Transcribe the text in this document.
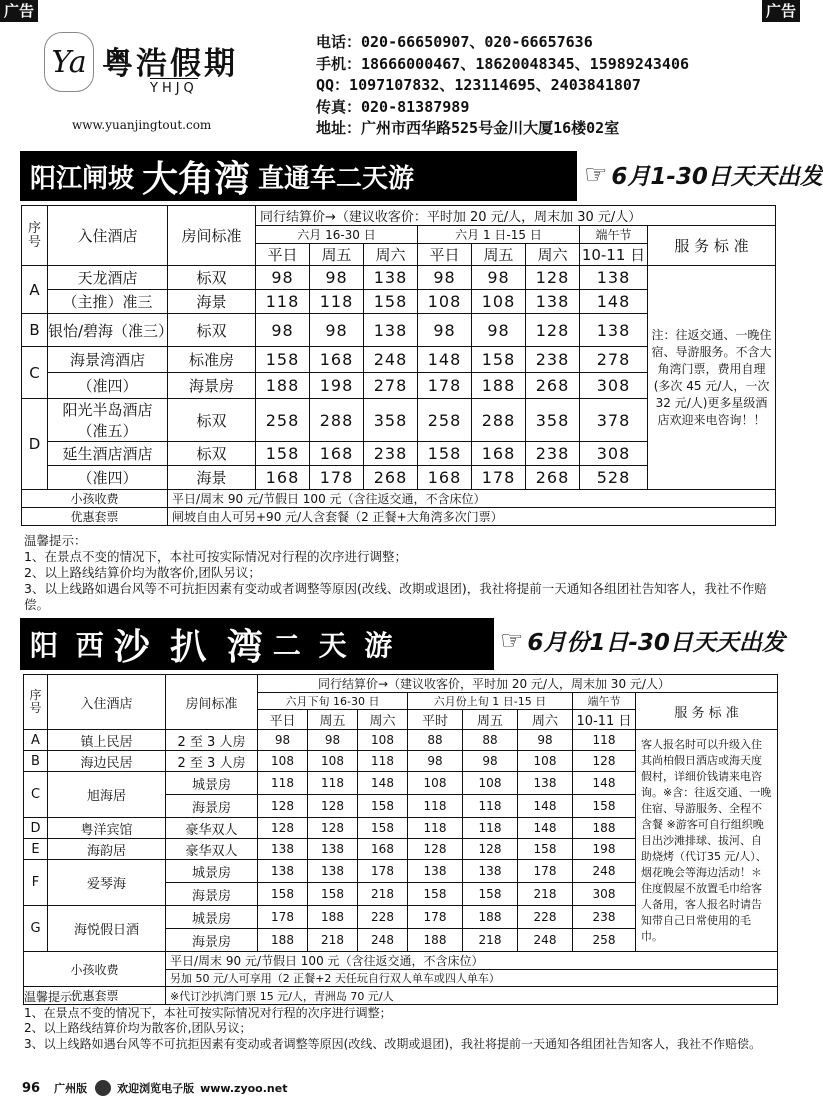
广告	广告
Ya 粤浩假期
YHJQ
www.yuanjingtout.com
电话：020-66650907、020-66657636
手机：18666000467、18620048345、15989243406
QQ：1097107832、123114695、2403841807
传真：020-81387989
地址：广州市西华路525号金川大厦16楼02室
阳江闸坡 大角湾 直通车二天游	☞ 6月1-30日天天出发
序号	入住酒店	房间标准	同行结算价→（建议收客价：平时加 20 元/人，周末加 30 元/人）							
			六月 16-30 日			六月 1 日-15 日			端午节	服 务 标 准
			平日	周五	周六	平日	周五	周六	10-11 日	
A	天龙酒店	标双	98	98	138	98	98	128	138	注：往返交通、一晚住宿、导游服务。不含大角湾门票，费用自理(多次 45 元/人，一次 32 元/人)更多星级酒店欢迎来电咨询！！
	（主推）准三	海景	118	118	158	108	108	138	148	
B	银怡/碧海（准三）	标双	98	98	138	98	98	128	138	
C	海景湾酒店	标准房	158	168	248	148	158	238	278	
	（准四）	海景房	188	198	278	178	188	268	308	
D	阳光半岛酒店（准五）	标双	258	288	358	258	288	358	378	
	延生酒店酒店	标双	158	168	238	158	168	238	308	
	（准四）	海景	168	178	268	168	178	268	528	
小孩收费		平日/周末 90 元/节假日 100 元（含往返交通，不含床位）								
优惠套票		闸坡自由人可另+90 元/人含套餐（2 正餐+大角湾多次门票）								
温馨提示：
1、在景点不变的情况下，本社可按实际情况对行程的次序进行调整；
2、以上路线结算价均为散客价,团队另议；
3、以上线路如遇台风等不可抗拒因素有变动或者调整等原因(改线、改期或退团)，我社将提前一天通知各组团社告知客人，我社不作赔偿。
阳 西 沙 扒 湾 二 天 游	☞ 6月份1日-30日天天出发
序号	入住酒店	房间标准	同行结算价→（建议收客价，平时加 20 元/人，周末加 30 元/人）							
			六月下旬 16-30 日			六月份上旬 1 日-15 日			端午节	服 务 标 准
			平日	周五	周六	平时	周五	周六	10-11 日	
A	镇上民居	2 至 3 人房	98	98	108	88	88	98	118	客人报名时可以升级入住其尚柏假日酒店或海天度假村，详细价钱请来电咨询。※含：往返交通、一晚住宿、导游服务、全程不含餐 ※游客可自行组织晚目出沙滩排球、拔河、自助烧烤（代订35 元/人）、烟花晚会等海边活动！＊住度假屋不放置毛巾给客人备用，客人报名时请告知带自己日常使用的毛巾。
B	海边民居	2 至 3 人房	108	108	118	98	98	108	128	
C	旭海居	城景房	118	118	148	108	108	138	148	
		海景房	128	128	158	118	118	148	158	
D	粤洋宾馆	豪华双人	128	128	158	118	118	148	188	
E	海韵居	豪华双人	138	138	168	128	128	158	198	
F	爱琴海	城景房	138	138	178	138	138	178	248	
		海景房	158	158	218	158	158	218	308	
G	海悦假日酒	城景房	178	188	228	178	188	228	238	
		海景房	188	218	248	188	218	248	258	
小孩收费		平日/周末 90 元/节假日 100 元（含往返交通，不含床位）								
		另加 50 元/人可享用（2 正餐+2 天任玩自行双人单车或四人单车）								
优惠套票		※代订沙扒湾门票 15 元/人，青洲岛 70 元/人								
温馨提示：
1、在景点不变的情况下，本社可按实际情况对行程的次序进行调整；
2、以上路线结算价均为散客价,团队另议；
3、以上线路如遇台风等不可抗拒因素有变动或者调整等原因(改线、改期或退团)，我社将提前一天通知各组团社告知客人，我社不作赔偿。
96 广州版	欢迎浏览电子版 www.zyoo.net
